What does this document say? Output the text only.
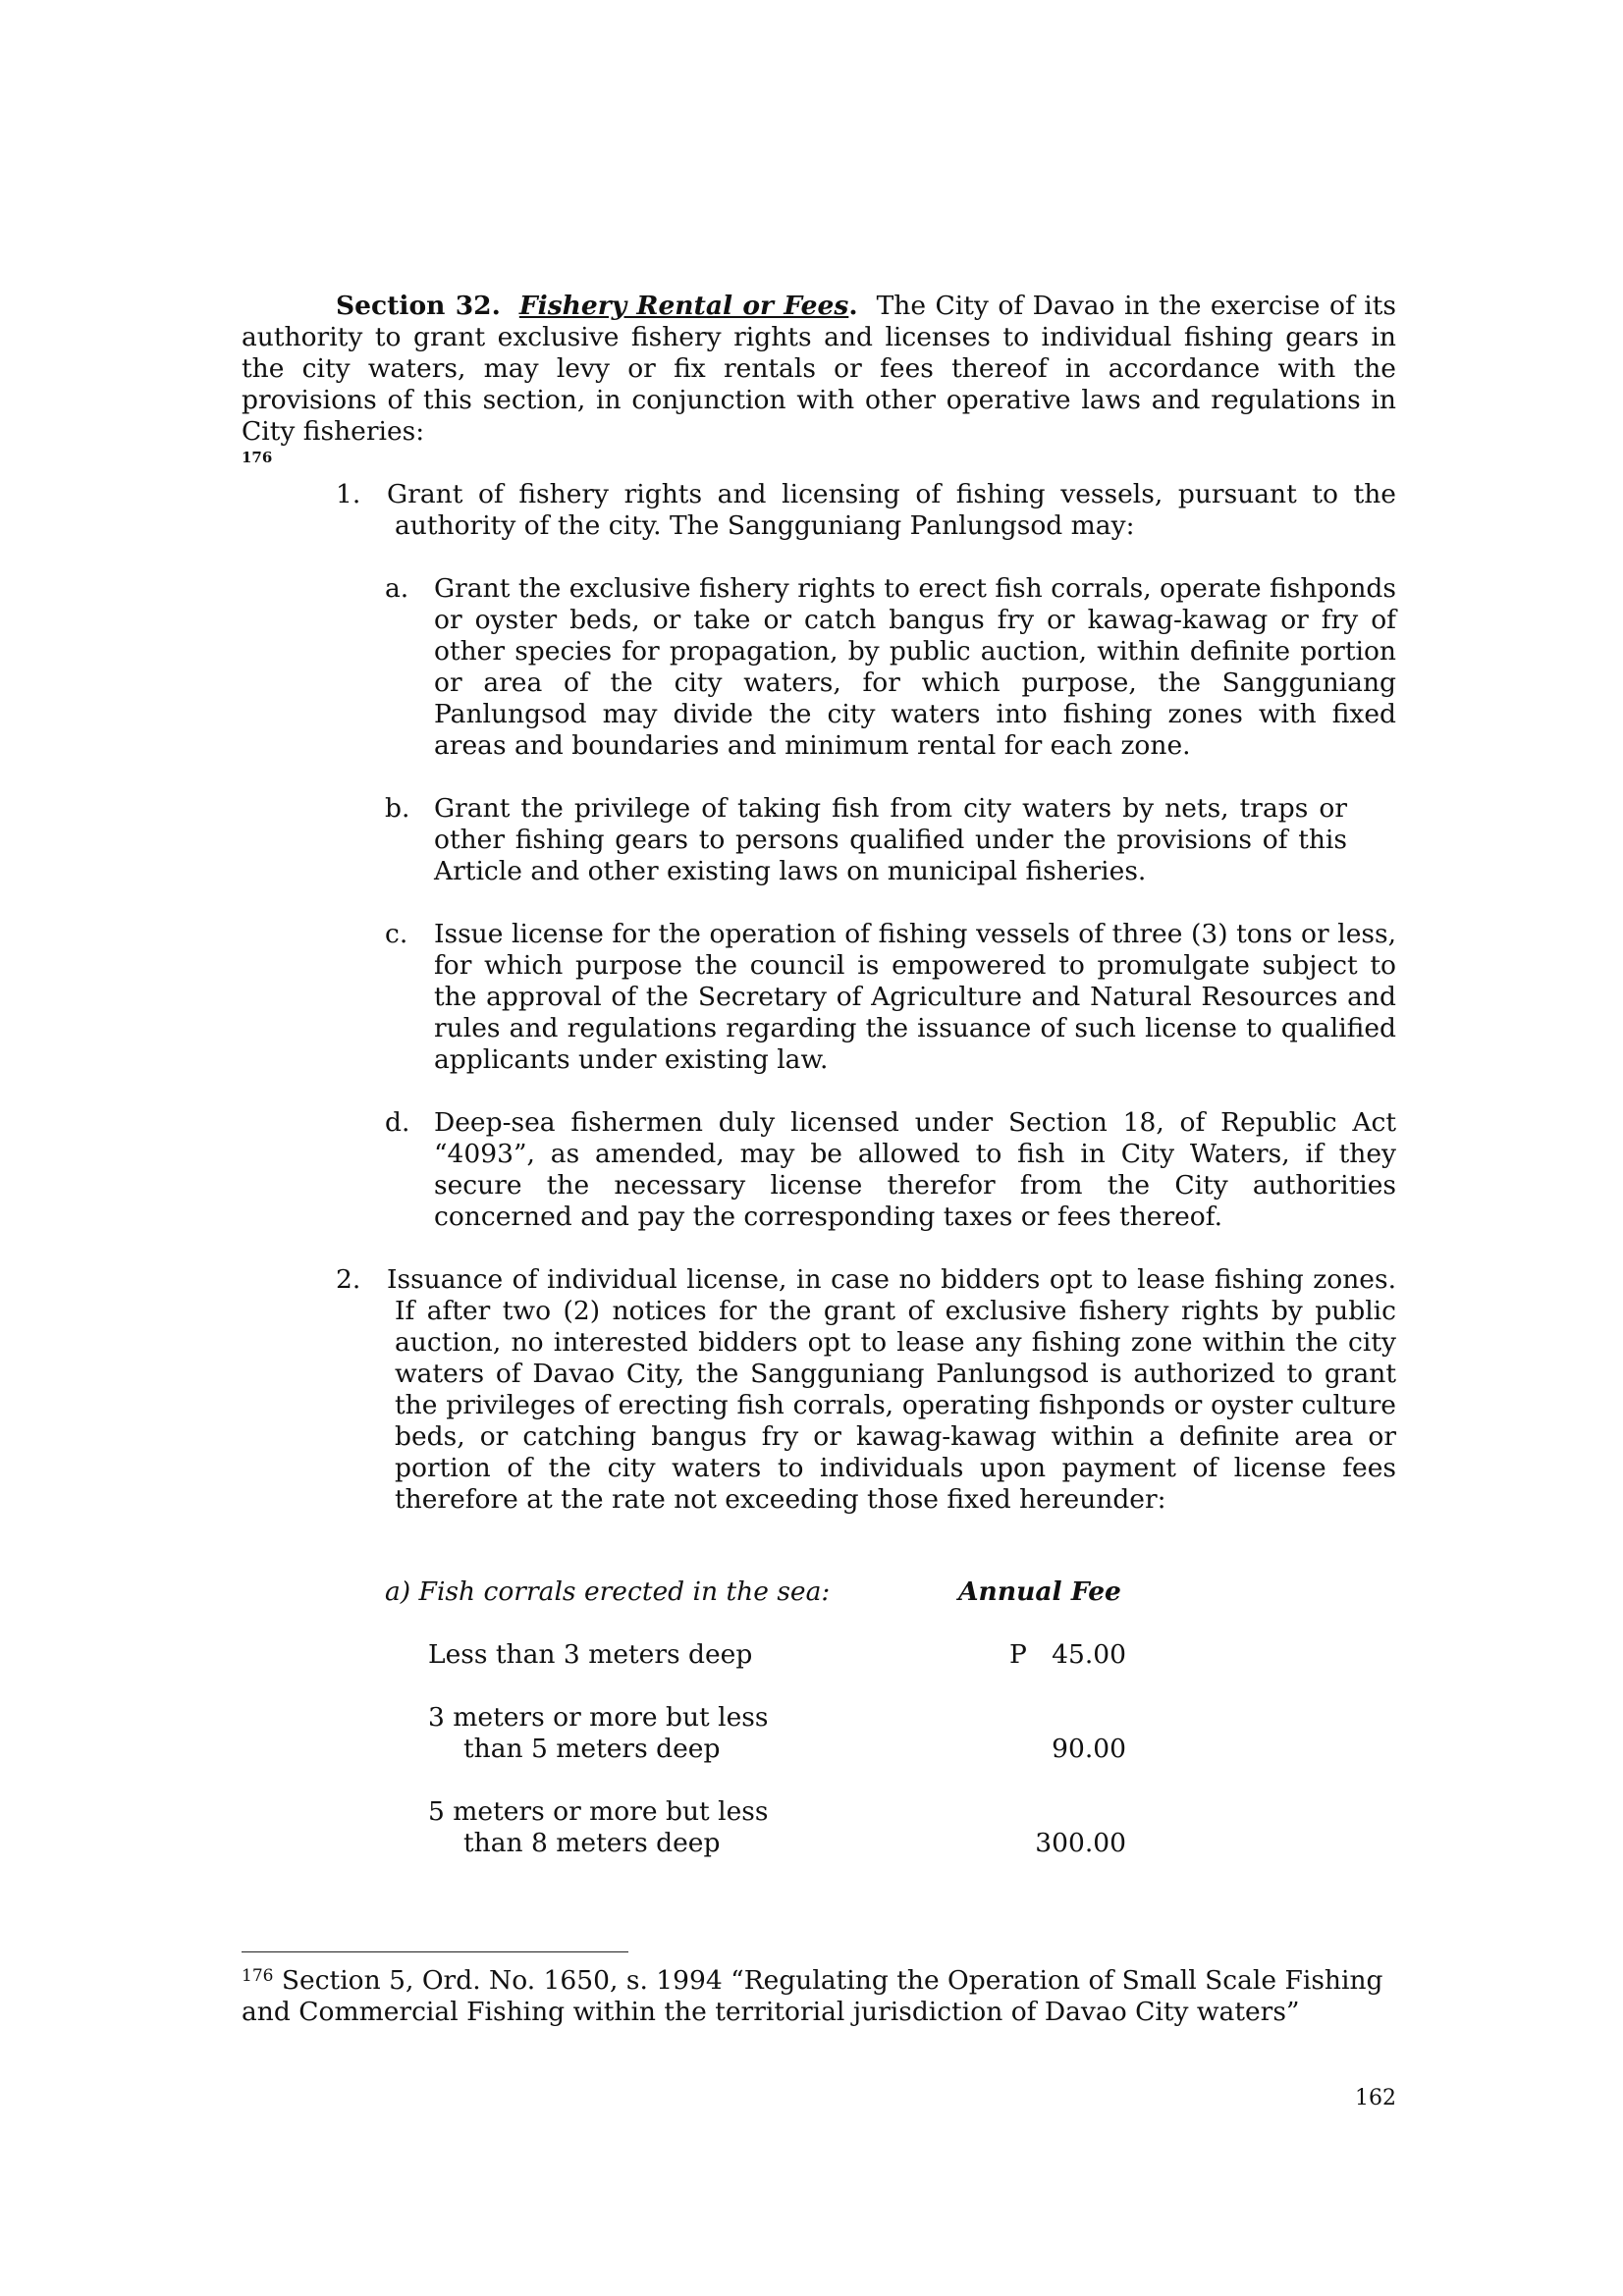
Section 32. Fishery Rental or Fees. The City of Davao in the exercise of its authority to grant exclusive fishery rights and licenses to individual fishing gears in the city waters, may levy or fix rentals or fees thereof in accordance with the provisions of this section, in conjunction with other operative laws and regulations in City fisheries:
$^{176}$

1.	Grant of fishery rights and licensing of fishing vessels, pursuant to the authority of the city. The Sangguniang Panlungsod may:
a. Grant the exclusive fishery rights to erect fish corrals, operate fishponds or oyster beds, or take or catch bangus fry or kawag-kawag or fry of other species for propagation, by public auction, within definite portion or area of the city waters, for which purpose, the Sangguniang Panlungsod may divide the city waters into fishing zones with fixed areas and boundaries and minimum rental for each zone.
b. Grant the privilege of taking fish from city waters by nets, traps or other fishing gears to persons qualified under the provisions of this Article and other existing laws on municipal fisheries.
c.	Issue license for the operation of fishing vessels of three (3) tons or less, for which purpose the council is empowered to promulgate subject to the approval of the Secretary of Agriculture and Natural Resources and rules and regulations regarding the issuance of such license to qualified applicants under existing law.
d. Deep-sea fishermen duly licensed under Section 18, of Republic Act “4093”, as amended, may be allowed to fish in City Waters, if they secure the necessary license therefor from the City authorities concerned and pay the corresponding taxes or fees thereof.
2.	Issuance of individual license, in case no bidders opt to lease fishing zones. If after two (2) notices for the grant of exclusive fishery rights by public auction, no interested bidders opt to lease any fishing zone within the city waters of Davao City, the Sangguniang Panlungsod is authorized to grant the privileges of erecting fish corrals, operating fishponds or oyster culture beds, or catching bangus fry or kawag-kawag within a definite area or portion of the city waters to individuals upon payment of license fees therefore at the rate not exceeding those fixed hereunder:
a) Fish corrals erected in the sea:	Annual Fee
Less than 3 meters deep	P   45.00
3 meters or more but less
than 5 meters deep	90.00
5 meters or more but less
than 8 meters deep	300.00

$^{176}$ Section 5, Ord. No. 1650, s. 1994 “Regulating the Operation of Small Scale Fishing and Commercial Fishing within the territorial jurisdiction of Davao City waters”

162
